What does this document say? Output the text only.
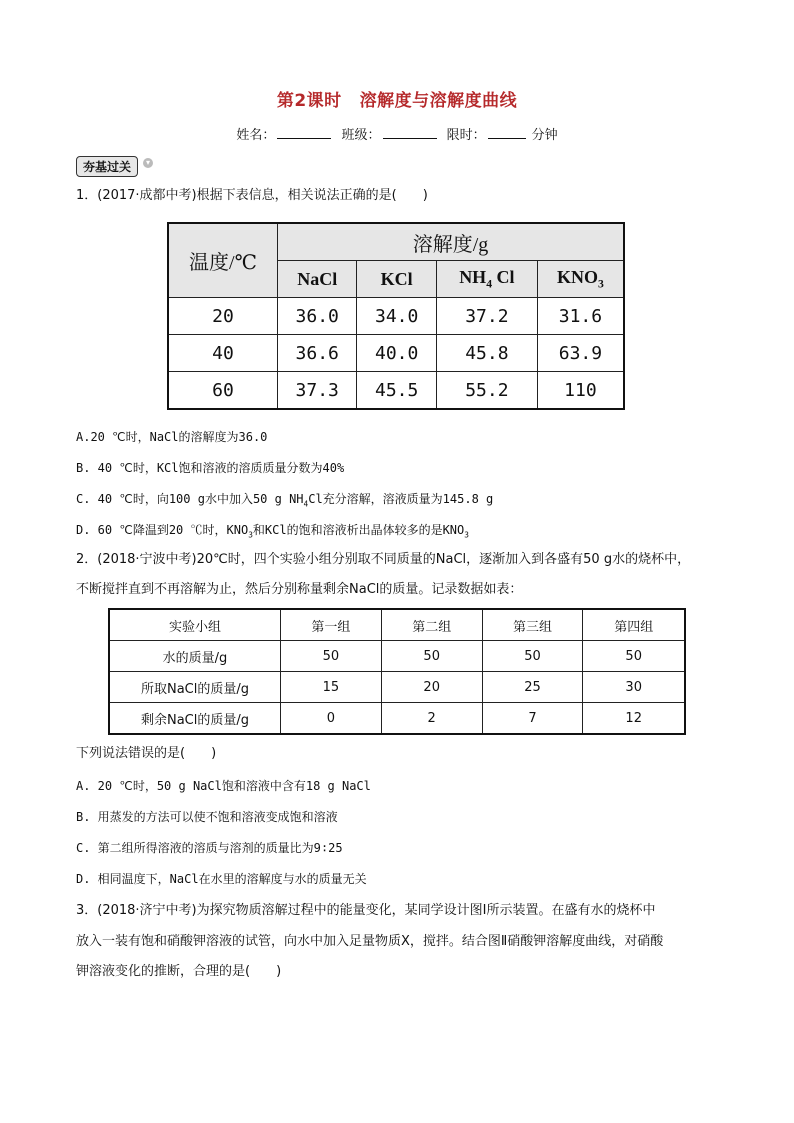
第2课时 溶解度与溶解度曲线
姓名：	班级：	限时：	分钟
夯基过关	▾
1．(2017·成都中考)根据下表信息，相关说法正确的是(　　)
温度/℃	溶解度/g			
	NaCl	KCl	$NH_4$ Cl	$KNO_3$
20	36.0	34.0	37.2	31.6
40	36.6	40.0	45.8	63.9
60	37.3	45.5	55.2	110
A.20 ℃时，NaCl的溶解度为36.0
B. 40 ℃时，KCl饱和溶液的溶质质量分数为40%
C. 40 ℃时，向100 g水中加入50 g $NH_4Cl$充分溶解，溶液质量为145.8 g
D. 60 ℃降温到20 ℃时，$KNO_3$和KCl的饱和溶液析出晶体较多的是$KNO_3$
2．(2018·宁波中考)20℃时，四个实验小组分别取不同质量的NaCl，逐渐加入到各盛有50 g水的烧杯中，
不断搅拌直到不再溶解为止，然后分别称量剩余NaCl的质量。记录数据如表：
实验小组	第一组	第二组	第三组	第四组
水的质量/g	50	50	50	50
所取NaCl的质量/g	15	20	25	30
剩余NaCl的质量/g	0	2	7	12
下列说法错误的是(　　)
A. 20 ℃时，50 g NaCl饱和溶液中含有18 g NaCl
B. 用蒸发的方法可以使不饱和溶液变成饱和溶液
C. 第二组所得溶液的溶质与溶剂的质量比为9∶25
D. 相同温度下，NaCl在水里的溶解度与水的质量无关
3．(2018·济宁中考)为探究物质溶解过程中的能量变化，某同学设计图Ⅰ所示装置。在盛有水的烧杯中
放入一装有饱和硝酸钾溶液的试管，向水中加入足量物质X，搅拌。结合图Ⅱ硝酸钾溶解度曲线，对硝酸
钾溶液变化的推断，合理的是(　　)
